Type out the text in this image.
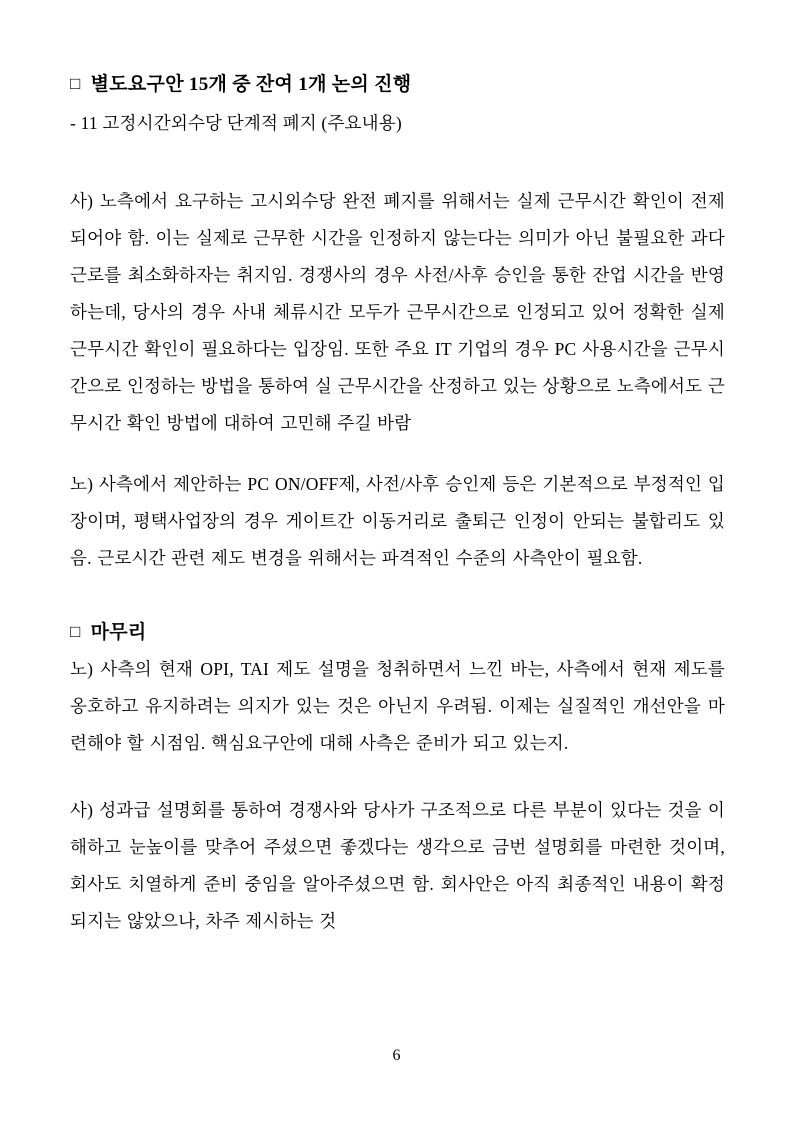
□ 별도요구안 15개 중 잔여 1개 논의 진행

- 11 고정시간외수당 단계적 폐지 (주요내용)

사) 노측에서 요구하는 고시외수당 완전 폐지를 위해서는 실제 근무시간 확인이 전제되어야 함. 이는 실제로 근무한 시간을 인정하지 않는다는 의미가 아닌 불필요한 과다근로를 최소화하자는 취지임. 경쟁사의 경우 사전/사후 승인을 통한 잔업 시간을 반영하는데, 당사의 경우 사내 체류시간 모두가 근무시간으로 인정되고 있어 정확한 실제 근무시간 확인이 필요하다는 입장임. 또한 주요 IT 기업의 경우 PC 사용시간을 근무시간으로 인정하는 방법을 통하여 실 근무시간을 산정하고 있는 상황으로 노측에서도 근무시간 확인 방법에 대하여 고민해 주길 바람

노) 사측에서 제안하는 PC ON/OFF제, 사전/사후 승인제 등은 기본적으로 부정적인 입장이며, 평택사업장의 경우 게이트간 이동거리로 출퇴근 인정이 안되는 불합리도 있음. 근로시간 관련 제도 변경을 위해서는 파격적인 수준의 사측안이 필요함.

□ 마무리

노) 사측의 현재 OPI, TAI 제도 설명을 청취하면서 느낀 바는, 사측에서 현재 제도를 옹호하고 유지하려는 의지가 있는 것은 아닌지 우려됨. 이제는 실질적인 개선안을 마련해야 할 시점임. 핵심요구안에 대해 사측은 준비가 되고 있는지.

사) 성과급 설명회를 통하여 경쟁사와 당사가 구조적으로 다른 부분이 있다는 것을 이해하고 눈높이를 맞추어 주셨으면 좋겠다는 생각으로 금번 설명회를 마련한 것이며, 회사도 치열하게 준비 중임을 알아주셨으면 함. 회사안은 아직 최종적인 내용이 확정되지는 않았으나, 차주 제시하는 것

6
